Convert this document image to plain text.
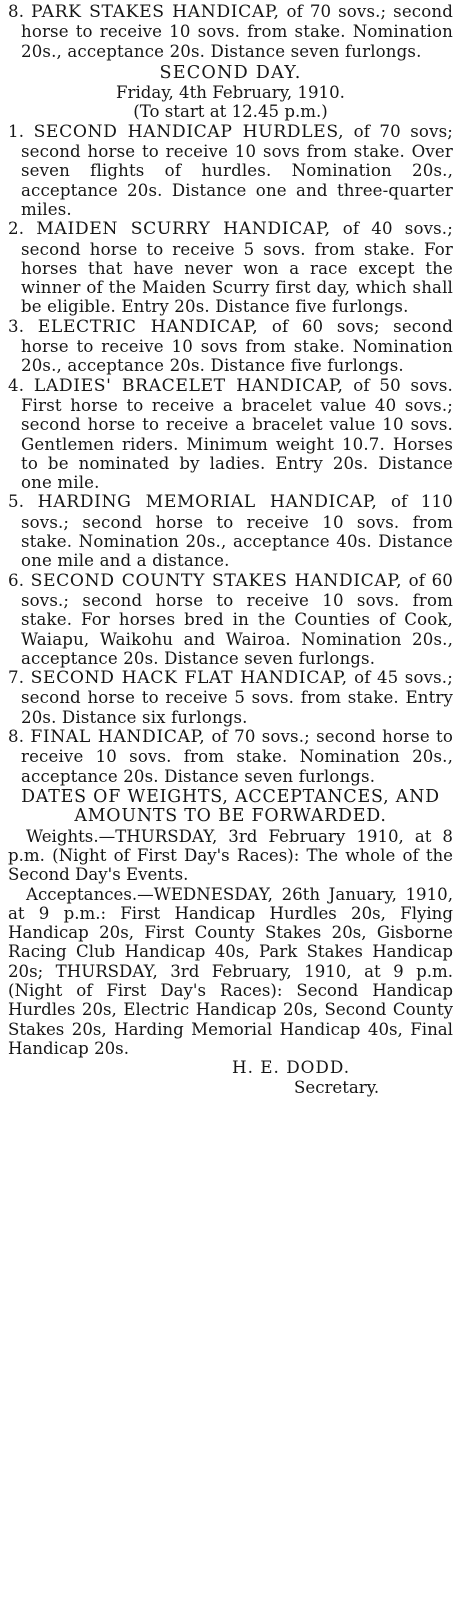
8. PARK STAKES HANDICAP, of 70 sovs.; second horse to receive 10 sovs. from stake. Nomination 20s., acceptance 20s. Distance seven furlongs.

SECOND DAY.

Friday, 4th February, 1910.

(To start at 12.45 p.m.)

1. SECOND HANDICAP HURDLES, of 70 sovs; second horse to receive 10 sovs from stake. Over seven flights of hurdles. Nomination 20s., acceptance 20s. Distance one and three-quarter miles.

2. MAIDEN SCURRY HANDICAP, of 40 sovs.; second horse to receive 5 sovs. from stake. For horses that have never won a race except the winner of the Maiden Scurry first day, which shall be eligible. Entry 20s. Distance five furlongs.

3. ELECTRIC HANDICAP, of 60 sovs; second horse to receive 10 sovs from stake. Nomination 20s., acceptance 20s. Distance five furlongs.

4. LADIES' BRACELET HANDICAP, of 50 sovs. First horse to receive a bracelet value 40 sovs.; second horse to receive a bracelet value 10 sovs. Gentlemen riders. Minimum weight 10.7. Horses to be nominated by ladies. Entry 20s. Distance one mile.

5. HARDING MEMORIAL HANDICAP, of 110 sovs.; second horse to receive 10 sovs. from stake. Nomination 20s., acceptance 40s. Distance one mile and a distance.

6. SECOND COUNTY STAKES HANDICAP, of 60 sovs.; second horse to receive 10 sovs. from stake. For horses bred in the Counties of Cook, Waiapu, Waikohu and Wairoa. Nomination 20s., acceptance 20s. Distance seven furlongs.

7. SECOND HACK FLAT HANDICAP, of 45 sovs.; second horse to receive 5 sovs. from stake. Entry 20s. Distance six furlongs.

8. FINAL HANDICAP, of 70 sovs.; second horse to receive 10 sovs. from stake. Nomination 20s., acceptance 20s. Distance seven furlongs.

DATES OF WEIGHTS, ACCEPTANCES, AND AMOUNTS TO BE FORWARDED.

Weights.—THURSDAY, 3rd February 1910, at 8 p.m. (Night of First Day's Races): The whole of the Second Day's Events.

Acceptances.—WEDNESDAY, 26th January, 1910, at 9 p.m.: First Handicap Hurdles 20s, Flying Handicap 20s, First County Stakes 20s, Gisborne Racing Club Handicap 40s, Park Stakes Handicap 20s; THURSDAY, 3rd February, 1910, at 9 p.m. (Night of First Day's Races): Second Handicap Hurdles 20s, Electric Handicap 20s, Second County Stakes 20s, Harding Memorial Handicap 40s, Final Handicap 20s.

H. E. DODD.

Secretary.
